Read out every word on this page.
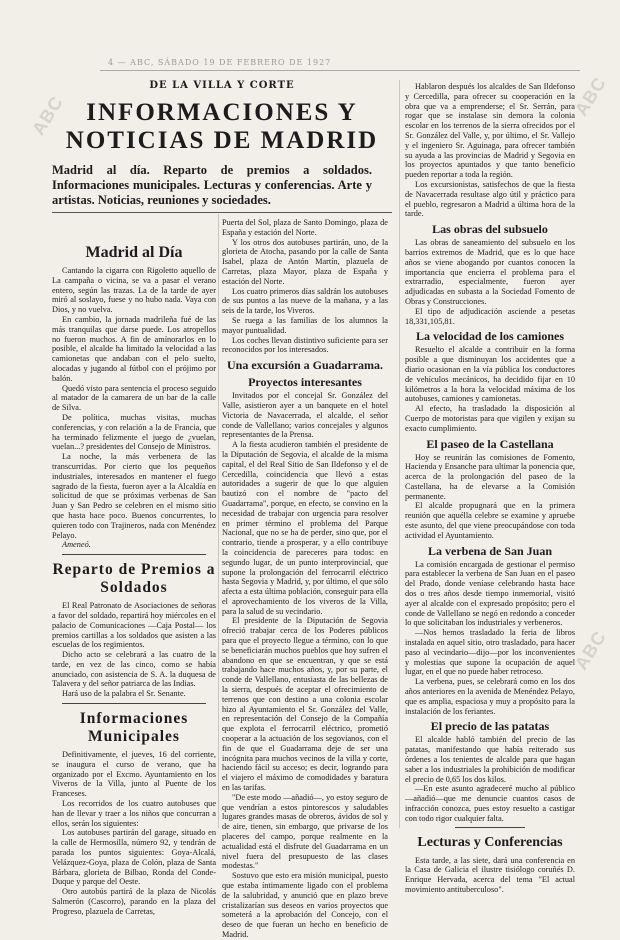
4 — ABC, SÁBADO 19 DE FEBRERO DE 1927
ABC	ABC
ABC
DE LA VILLA Y CORTE
INFORMACIONES Y NOTICIAS DE MADRID
Madrid al día. Reparto de premios a soldados. Informaciones municipales. Lecturas y conferencias. Arte y artistas. Noticias, reuniones y sociedades.
Madrid al Día

Cantando la cigarra con Rigoletto aquello de La campaña o vicina, se va a pasar el verano entero, según las trazas. La de la tarde de ayer miró al soslayo, fuese y no hubo nada. Vaya con Dios, y no vuelva.

En cambio, la jornada madrileña fué de las más tranquilas que darse puede. Los atropellos no fueron muchos. A fin de amínorarlos en lo posible, el alcalde ha limitado la velocidad a las camionetas que andaban con el pelo suelto, alocadas y jugando al fútbol con el prójimo por balón.

Quedó visto para sentencia el proceso seguido al matador de la camarera de un bar de la calle de Silva.

De política, muchas visitas, muchas conferencias, y con relación a la de Francia, que ha terminado felizmente el juego de ¿vuelan, vuelan...? presidentes del Consejo de Ministros.

La noche, la más verbenera de las transcurridas. Por cierto que los pequeños industriales, interesados en mantener el fuego sagrado de la fiesta, fueron ayer a la Alcaldía en solicitud de que se próximas verbenas de San Juan y San Pedro se celebren en el mismo sitio que hasta hace poco. Buenos concurrentes, lo quieren todo con Trajineros, nada con Menéndez Pelayo.

Ameneó.

Reparto de Premios a Soldados

El Real Patronato de Asociaciones de señoras a favor del soldado, repartirá hoy miércoles en el palacio de Comunicaciones —Caja Postal— los premios cartillas a los soldados que asisten a las escuelas de los regimientos.

Dicho acto se celebrará a las cuatro de la tarde, en vez de las cinco, como se había anunciado, con asistencia de S. A. la duquesa de Talavera y del señor patriarca de las Indias.

Hará uso de la palabra el Sr. Senante.

Informaciones Municipales

Definitivamente, el jueves, 16 del corriente, se inaugura el curso de verano, que ha organizado por el Excmo. Ayuntamiento en los Viveros de la Villa, junto al Puente de los Franceses.

Los recorridos de los cuatro autobuses que han de llevar y traer a los niños que concurran a ellos, serán los siguientes:

Los autobuses partirán del garage, situado en la calle de Hermosilla, número 92, y tendrán de parada los puntos siguientes: Goya-Alcalá, Velázquez-Goya, plaza de Colón, plaza de Santa Bárbara, glorieta de Bilbao, Ronda del Conde-Duque y parque del Oeste.

Otro autobús partirá de la plaza de Nicolás Salmerón (Cascorro), parando en la plaza del Progreso, plazuela de Carretas,

Puerta del Sol, plaza de Santo Domingo, plaza de España y estación del Norte.

Y los otros dos autobuses partirán, uno, de la glorieta de Atocha, pasando por la calle de Santa Isabel, plaza de Antón Martín, plazuela de Carretas, plaza Mayor, plaza de España y estación del Norte.

Los cuatro primeros días saldrán los autobuses de sus puntos a las nueve de la mañana, y a las seis de la tarde, los Viveros.

Se ruega a las familias de los alumnos la mayor puntualidad.

Los coches llevan distintivo suficiente para ser reconocidos por los interesados.

Una excursión a Guadarrama.
Proyectos interesantes

Invitados por el concejal Sr. González del Valle, asistieron ayer a un banquete en el hotel Victoria de Navacerrada, el alcalde, el señor conde de Vallellano; varios concejales y algunos representantes de la Prensa.

A la fiesta acudieron también el presidente de la Diputación de Segovia, el alcalde de la misma capital, el del Real Sitio de San Ildefonso y el de Cercedilla, coincidencia que llevó a estas autoridades a sugerir de que lo que alguien bautizó con el nombre de "pacto del Guadarrama", porque, en efecto, se convino en la necesidad de trabajar con urgencia para resolver en primer término el problema del Parque Nacional, que no se ha de perder, sino que, por el contrario, tiende a prosperar, y a ello contribuye la coincidencia de pareceres para todos: en segundo lugar, de un punto interprovincial, que supone la prolongación del ferrocarril eléctrico hasta Segovia y Madrid, y, por último, el que sólo afecta a esta última población, conseguir para ella el aprovechamiento de los viveros de la Villa, para la salud de su vecindario.

El presidente de la Diputación de Segovia ofreció trabajar cerca de los Poderes públicos para que el proyecto llegue a término, con lo que se beneficiarán muchos pueblos que hoy sufren el abandono en que se encuentran, y que se está trabajando hace muchos años, y, por su parte, el conde de Vallellano, entusiasta de las bellezas de la sierra, después de aceptar el ofrecimiento de terrenos que con destino a una colonia escolar hizo al Ayuntamiento el Sr. González del Valle, en representación del Consejo de la Compañía que explota el ferrocarril eléctrico, prometió cooperar a la actuación de los segovianos, con el fin de que el Guadarrama deje de ser una incógnita para muchos vecinos de la villa y corte, haciendo fácil su acceso; es decir, logrando para el viajero el máximo de comodidades y baratura en las tarifas.

"De este modo —añadió—, yo estoy seguro de que vendrían a estos pintorescos y saludables lugares grandes masas de obreros, ávidos de sol y de aire, tienen, sin embargo, que privarse de los placeres del campo, porque realmente en la actualidad está el disfrute del Guadarrama en un nivel fuera del presupuesto de las clases modestas."

Sostuvo que esto era misión municipal, puesto que estaba íntimamente ligado con el problema de la salubridad, y anunció que en plazo breve cristalizarían sus deseos en varios proyectos que someterá a la aprobación del Concejo, con el deseo de que fueran un hecho en beneficio de Madrid.

Hablaron después los alcaldes de San Ildefonso y Cercedilla, para ofrecer su cooperación en la obra que va a emprenderse; el Sr. Serrán, para rogar que se instalase sin demora la colonia escolar en los terrenos de la sierra ofrecidos por el Sr. González del Valle, y, por último, el Sr. Vallejo y el ingeniero Sr. Aguinaga, para ofrecer también su ayuda a las provincias de Madrid y Segovia en los proyectos apuntados y que tanto beneficio pueden reportar a toda la región.

Los excursionistas, satisfechos de que la fiesta de Navacerrada resultase algo útil y práctico para el pueblo, regresaron a Madrid a última hora de la tarde.

Las obras del subsuelo

Las obras de saneamiento del subsuelo en los barrios extremos de Madrid, que es lo que hace años se viene abogando por cuantos conocen la importancia que encierra el problema para el extrarradio, especialmente, fueron ayer adjudicadas en subasta a la Sociedad Fomento de Obras y Construcciones.

El tipo de adjudicación asciende a pesetas 18,331,105,81.

La velocidad de los camiones

Resuelto el alcalde a contribuir en la forma posible a que disminuyan los accidentes que a diario ocasionan en la vía pública los conductores de vehículos mecánicos, ha decidido fijar en 10 kilómetros a la hora la velocidad máxima de los autobuses, camiones y camionetas.

Al efecto, ha trasladado la disposición al Cuerpo de motoristas para que vigilen y exijan su exacto cumplimiento.

El paseo de la Castellana

Hoy se reunirán las comisiones de Fomento, Hacienda y Ensanche para ultimar la ponencia que, acerca de la prolongación del paseo de la Castellana, ha de elevarse a la Comisión permanente.

El alcalde propugnará que en la primera reunión que aquélla celebre se examine y apruebe este asunto, del que viene preocupándose con toda actividad el Ayuntamiento.

La verbena de San Juan

La comisión encargada de gestionar el permiso para establecer la verbena de San Juan en el paseo del Prado, donde veníase celebrando hasta hace dos o tres años desde tiempo inmemorial, visitó ayer al alcalde con el expresado propósito; pero el conde de Vallellano se negó en redondo a conceder lo que solicitaban los industriales y verbeneros.

—Nos hemos trasladado la feria de libros instalada en aquel sitio, otro trasladado, para hacer paso al vecindario—dijo—por los inconvenientes y molestias que supone la ocupación de aquel lugar, en el que no puede haber retroceso.

La verbena, pues, se celebrará como en los dos años anteriores en la avenida de Menéndez Pelayo, que es amplia, espaciosa y muy a propósito para la instalación de los feriantes.

El precio de las patatas

El alcalde habló también del precio de las patatas, manifestando que había reiterado sus órdenes a los tenientes de alcalde para que hagan saber a los industriales la prohibición de modificar el precio de 0,65 los dos kilos.

—En este asunto agradeceré mucho al público—añadió—que me denuncie cuantos casos de infracción conozca, pues estoy resuelto a castigar con todo rigor cualquier falta.

Lecturas y Conferencias

Esta tarde, a las siete, dará una conferencia en la Casa de Galicia el ilustre tisiólogo coruñés D. Enrique Hervada, acerca del tema "El actual movimiento antituberculoso".
